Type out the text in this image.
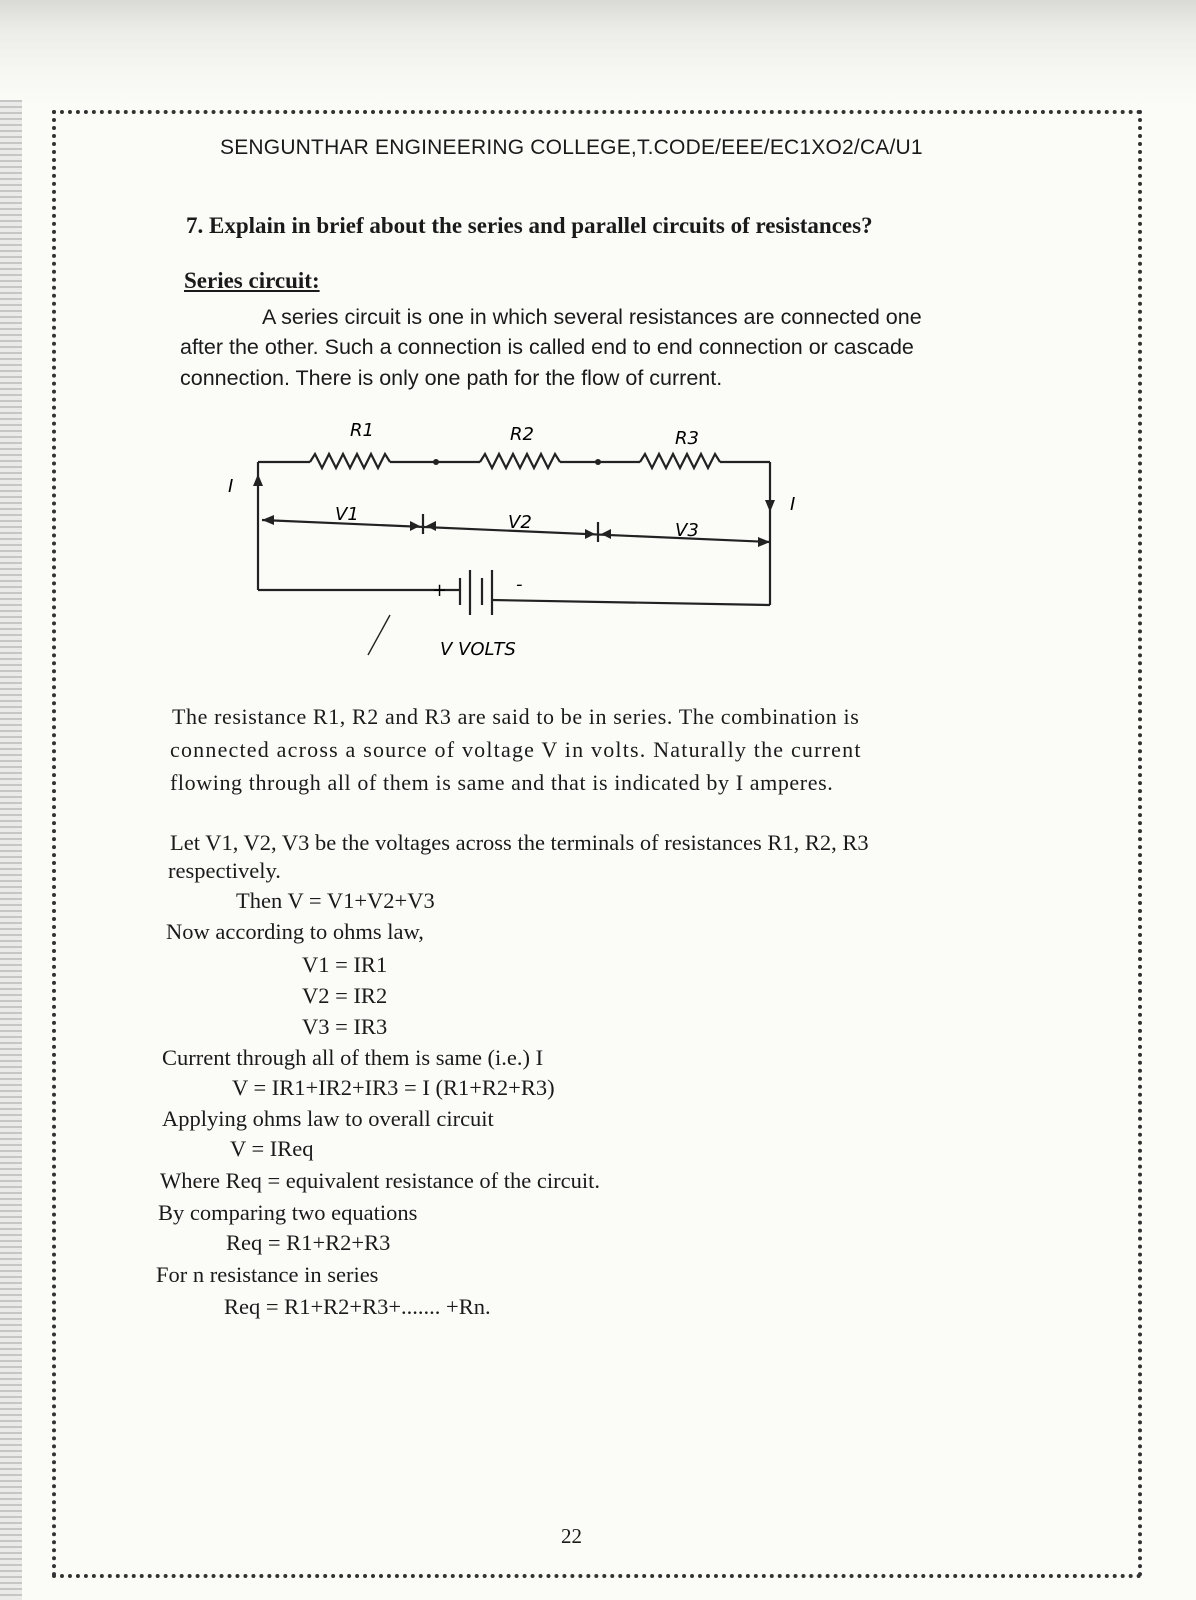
SENGUNTHAR ENGINEERING COLLEGE,T.CODE/EEE/EC1XO2/CA/U1
7. Explain in brief about the series and parallel circuits of resistances?
Series circuit:
A series circuit is one in which several resistances are connected one
after the other. Such a connection is called end to end connection or cascade
connection. There is only one path for the flow of current.
R1	R2	R3
V1	V2	V3
I
I
+	-
V VOLTS
The resistance R1, R2 and R3 are said to be in series. The combination is
connected across a source of voltage V in volts. Naturally the current
flowing through all of them is same and that is indicated by I amperes.
Let V1, V2, V3 be the voltages across the terminals of resistances R1, R2, R3
respectively.
Then V = V1+V2+V3
Now according to ohms law,
V1 = IR1
V2 = IR2
V3 = IR3
Current through all of them is same (i.e.) I
V = IR1+IR2+IR3 = I (R1+R2+R3)
Applying ohms law to overall circuit
V = IReq
Where Req = equivalent resistance of the circuit.
By comparing two equations
Req = R1+R2+R3
For n resistance in series
Req = R1+R2+R3+....... +Rn.
22
